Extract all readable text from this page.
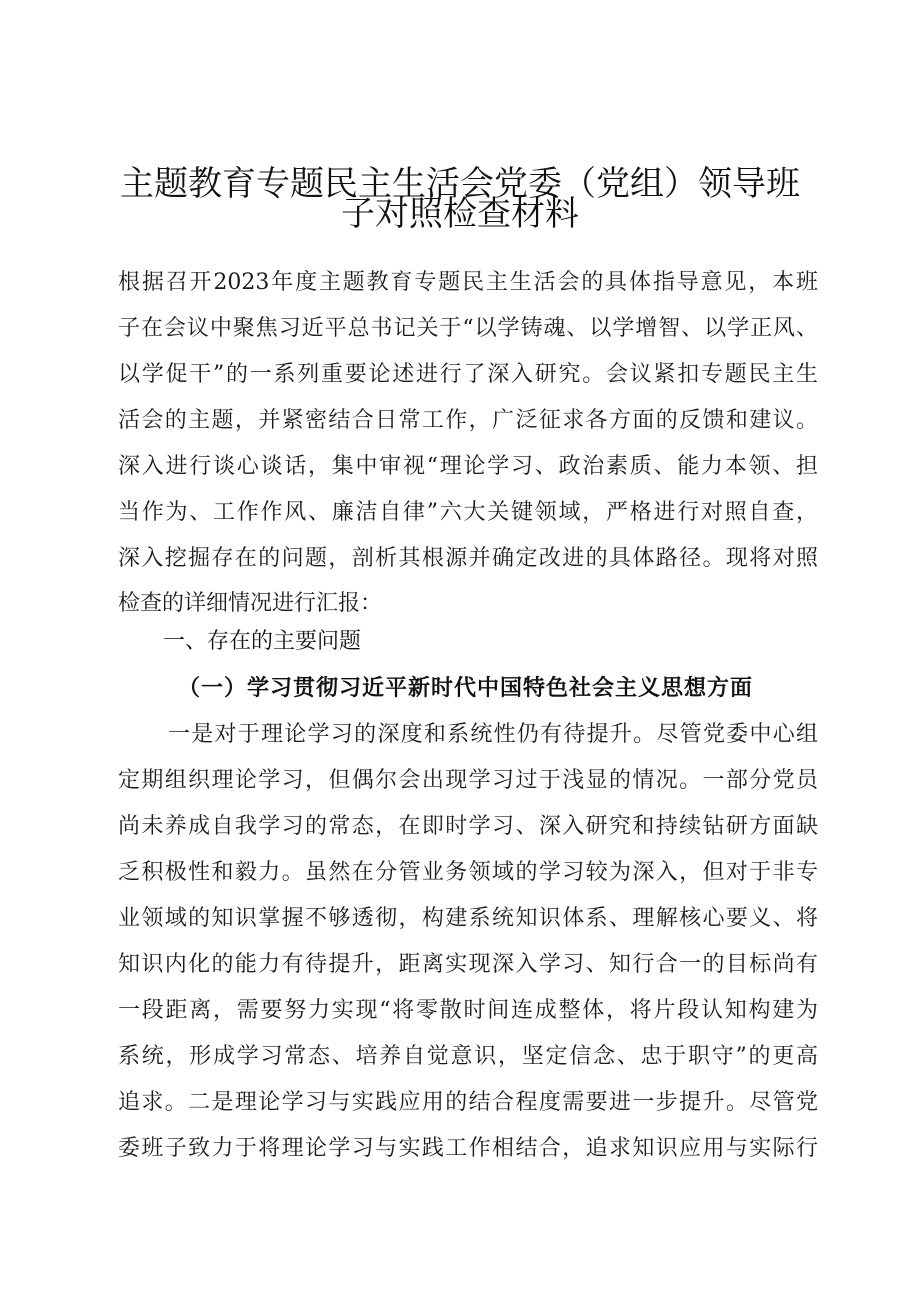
主题教育专题民主生活会党委（党组）领导班
子对照检查材料
根据召开2023年度主题教育专题民主生活会的具体指导意见，本班
子在会议中聚焦习近平总书记关于“以学铸魂、以学增智、以学正风、
以学促干”的一系列重要论述进行了深入研究。会议紧扣专题民主生
活会的主题，并紧密结合日常工作，广泛征求各方面的反馈和建议。
深入进行谈心谈话，集中审视“理论学习、政治素质、能力本领、担
当作为、工作作风、廉洁自律”六大关键领域，严格进行对照自查，
深入挖掘存在的问题，剖析其根源并确定改进的具体路径。现将对照
检查的详细情况进行汇报：
一、存在的主要问题
（一）学习贯彻习近平新时代中国特色社会主义思想方面
一是对于理论学习的深度和系统性仍有待提升。尽管党委中心组
定期组织理论学习，但偶尔会出现学习过于浅显的情况。一部分党员
尚未养成自我学习的常态，在即时学习、深入研究和持续钻研方面缺
乏积极性和毅力。虽然在分管业务领域的学习较为深入，但对于非专
业领域的知识掌握不够透彻，构建系统知识体系、理解核心要义、将
知识内化的能力有待提升，距离实现深入学习、知行合一的目标尚有
一段距离，需要努力实现“将零散时间连成整体，将片段认知构建为
系统，形成学习常态、培养自觉意识，坚定信念、忠于职守”的更高
追求。二是理论学习与实践应用的结合程度需要进一步提升。尽管党
委班子致力于将理论学习与实践工作相结合，追求知识应用与实际行
